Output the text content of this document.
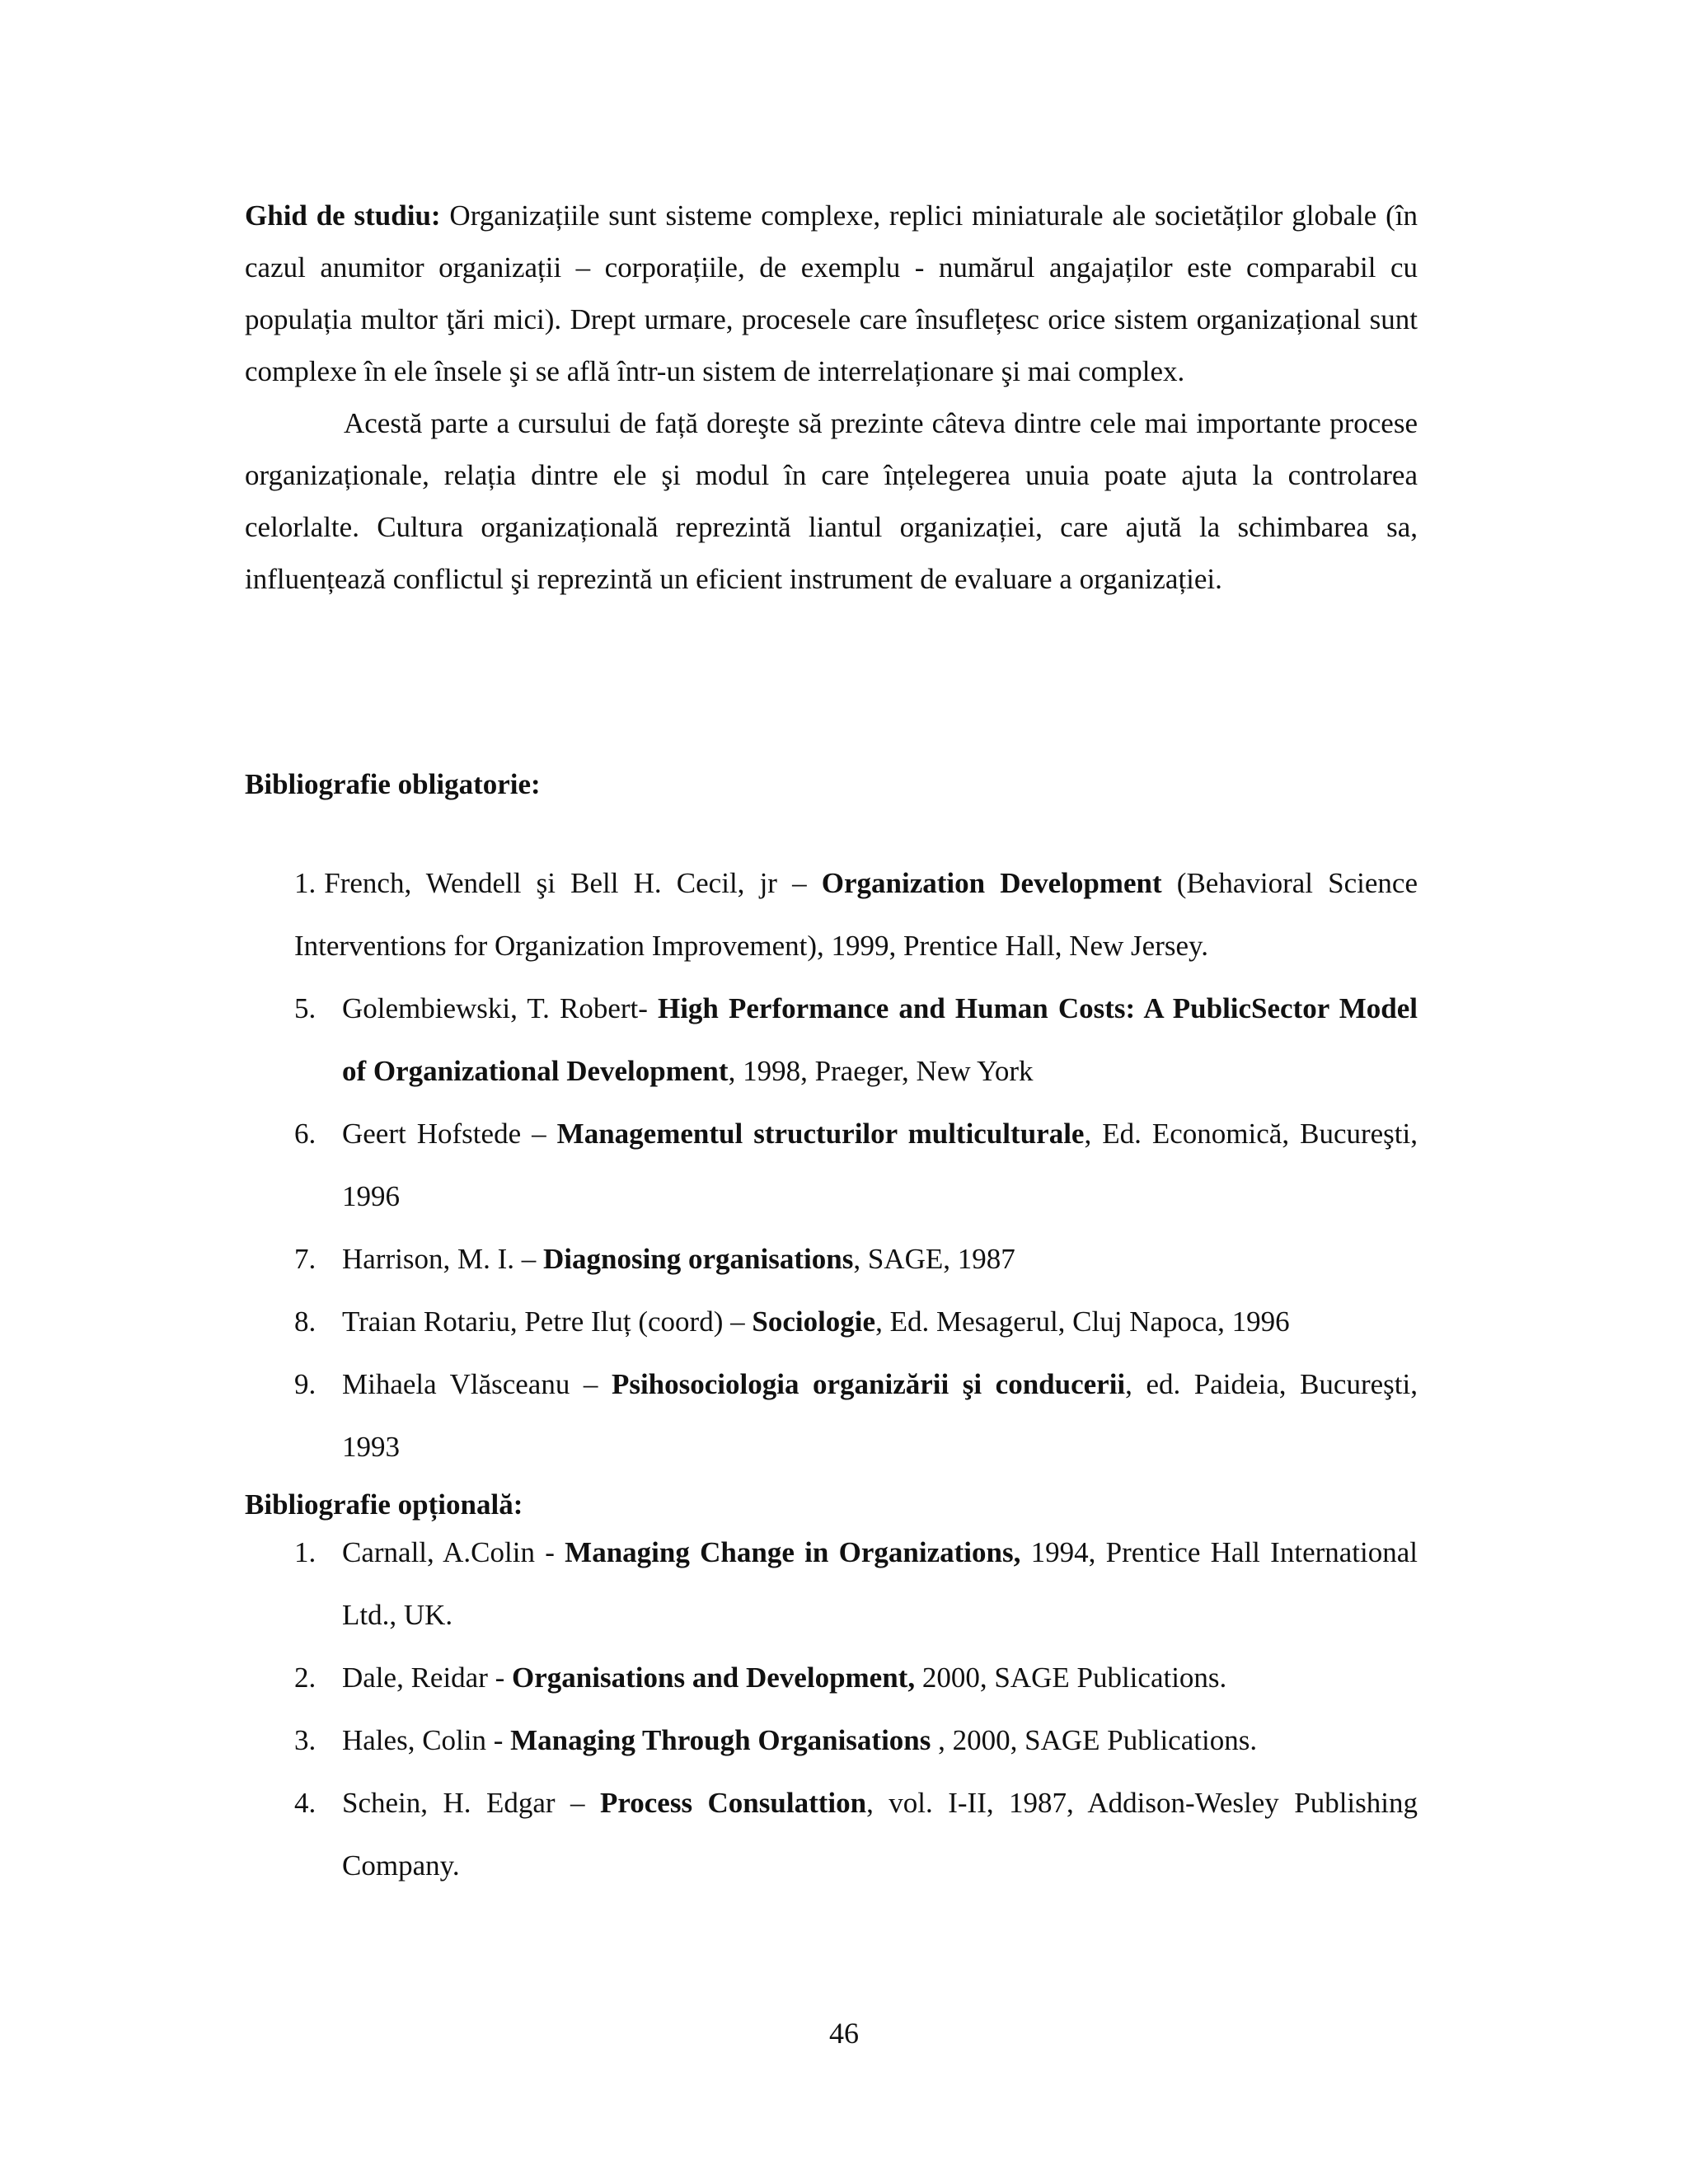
Ghid de studiu: Organizațiile sunt sisteme complexe, replici miniaturale ale societăților globale (în cazul anumitor organizații – corporațiile, de exemplu - numărul angajaților este comparabil cu populația multor ţări mici). Drept urmare, procesele care însuflețesc orice sistem organizațional sunt complexe în ele însele şi se află într-un sistem de interrelaționare şi mai complex.

Acestă parte a cursului de față doreşte să prezinte câteva dintre cele mai importante procese organizaționale, relația dintre ele şi modul în care înțelegerea unuia poate ajuta la controlarea celorlalte. Cultura organizațională reprezintă liantul organizației, care ajută la schimbarea sa, influențează conflictul şi reprezintă un eficient instrument de evaluare a organizației.

Bibliografie obligatorie:
1. French, Wendell şi Bell H. Cecil, jr – Organization Development (Behavioral Science Interventions for Organization Improvement), 1999, Prentice Hall, New Jersey.
5. Golembiewski, T. Robert- High Performance and Human Costs: A PublicSector Model of Organizational Development, 1998, Praeger, New York
6. Geert Hofstede – Managementul structurilor multiculturale, Ed. Economică, Bucureşti, 1996
7. Harrison, M. I. – Diagnosing organisations, SAGE, 1987
8. Traian Rotariu, Petre Iluț (coord) – Sociologie, Ed. Mesagerul, Cluj Napoca, 1996
9. Mihaela Vlăsceanu – Psihosociologia organizării şi conducerii, ed. Paideia, Bucureşti, 1993
Bibliografie opțională:
1. Carnall, A.Colin - Managing Change in Organizations, 1994, Prentice Hall International Ltd., UK.
2. Dale, Reidar - Organisations and Development, 2000, SAGE Publications.
3. Hales, Colin - Managing Through Organisations , 2000, SAGE Publications.
4. Schein, H. Edgar – Process Consulattion, vol. I-II, 1987, Addison-Wesley Publishing Company.
46
